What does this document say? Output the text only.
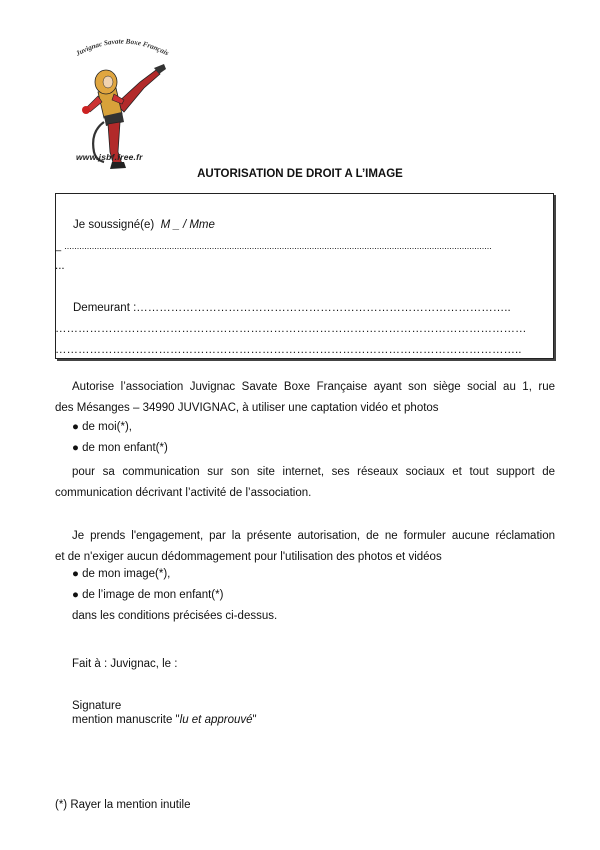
Juvignac Savate Boxe Français
www.jsbf.free.fr
AUTORISATION DE DROIT A L’IMAGE
Je soussigné(e) M _ / Mme
_ ...........................................................................................................................................................................
...
Demeurant :……………………………………………………………………………………..
……………………………………………………………………………………………………………
…………………………………………………………………………………………………………..
Autorise l’association Juvignac Savate Boxe Française ayant son siège social au 1, rue
des Mésanges – 34990 JUVIGNAC, à utiliser une captation vidéo et photos
● de moi(*),
● de mon enfant(*)
pour sa communication sur son site internet, ses réseaux sociaux et tout support de
communication décrivant l’activité de l’association.
Je prends l'engagement, par la présente autorisation, de ne formuler aucune réclamation
et de n'exiger aucun dédommagement pour l'utilisation des photos et vidéos
● de mon image(*),
● de l’image de mon enfant(*)
dans les conditions précisées ci-dessus.
Fait à : Juvignac, le :
Signature
mention manuscrite "lu et approuvé"
(*) Rayer la mention inutile
